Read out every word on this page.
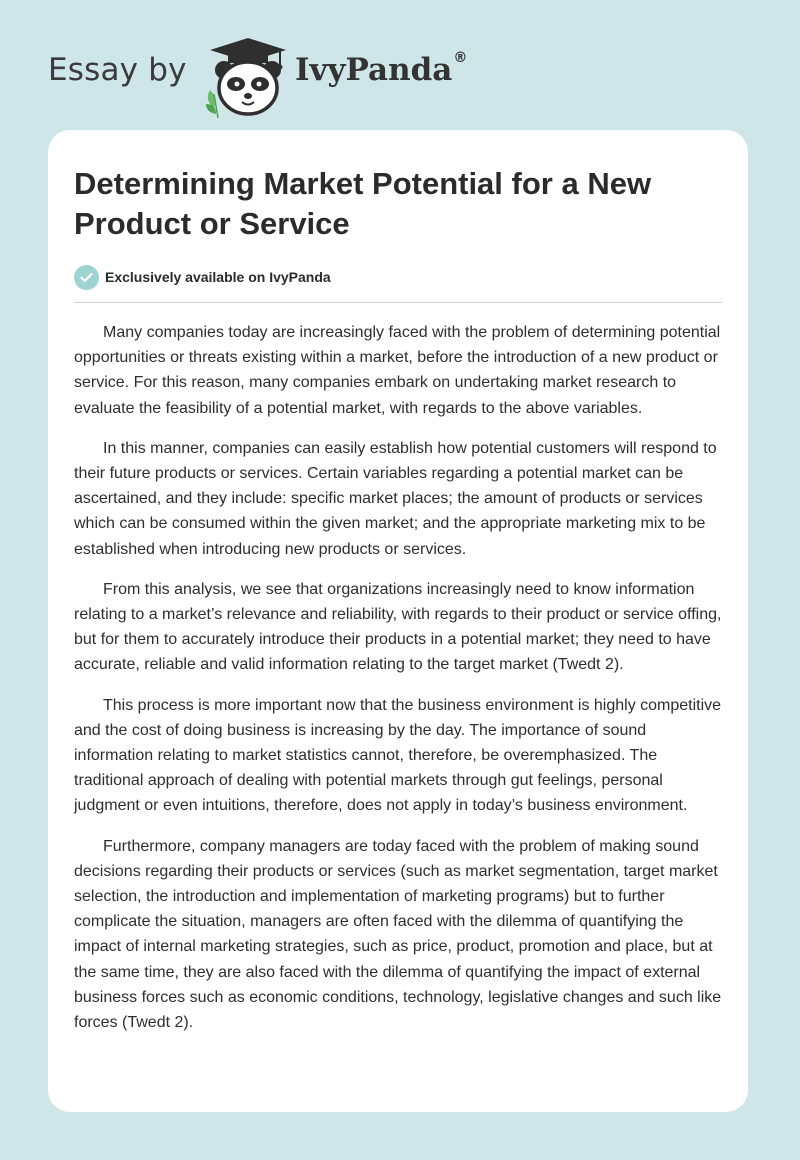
Essay by	IvyPanda®
Determining Market Potential for a New Product or Service
Exclusively available on IvyPanda

Many companies today are increasingly faced with the problem of determining potential opportunities or threats existing within a market, before the introduction of a new product or service. For this reason, many companies embark on undertaking market research to evaluate the feasibility of a potential market, with regards to the above variables.

In this manner, companies can easily establish how potential customers will respond to their future products or services. Certain variables regarding a potential market can be ascertained, and they include: specific market places; the amount of products or services which can be consumed within the given market; and the appropriate marketing mix to be established when introducing new products or services.

From this analysis, we see that organizations increasingly need to know information relating to a market’s relevance and reliability, with regards to their product or service offing, but for them to accurately introduce their products in a potential market; they need to have accurate, reliable and valid information relating to the target market (Twedt 2).

This process is more important now that the business environment is highly competitive and the cost of doing business is increasing by the day. The importance of sound information relating to market statistics cannot, therefore, be overemphasized. The traditional approach of dealing with potential markets through gut feelings, personal judgment or even intuitions, therefore, does not apply in today’s business environment.

Furthermore, company managers are today faced with the problem of making sound decisions regarding their products or services (such as market segmentation, target market selection, the introduction and implementation of marketing programs) but to further complicate the situation, managers are often faced with the dilemma of quantifying the impact of internal marketing strategies, such as price, product, promotion and place, but at the same time, they are also faced with the dilemma of quantifying the impact of external business forces such as economic conditions, technology, legislative changes and such like forces (Twedt 2).
